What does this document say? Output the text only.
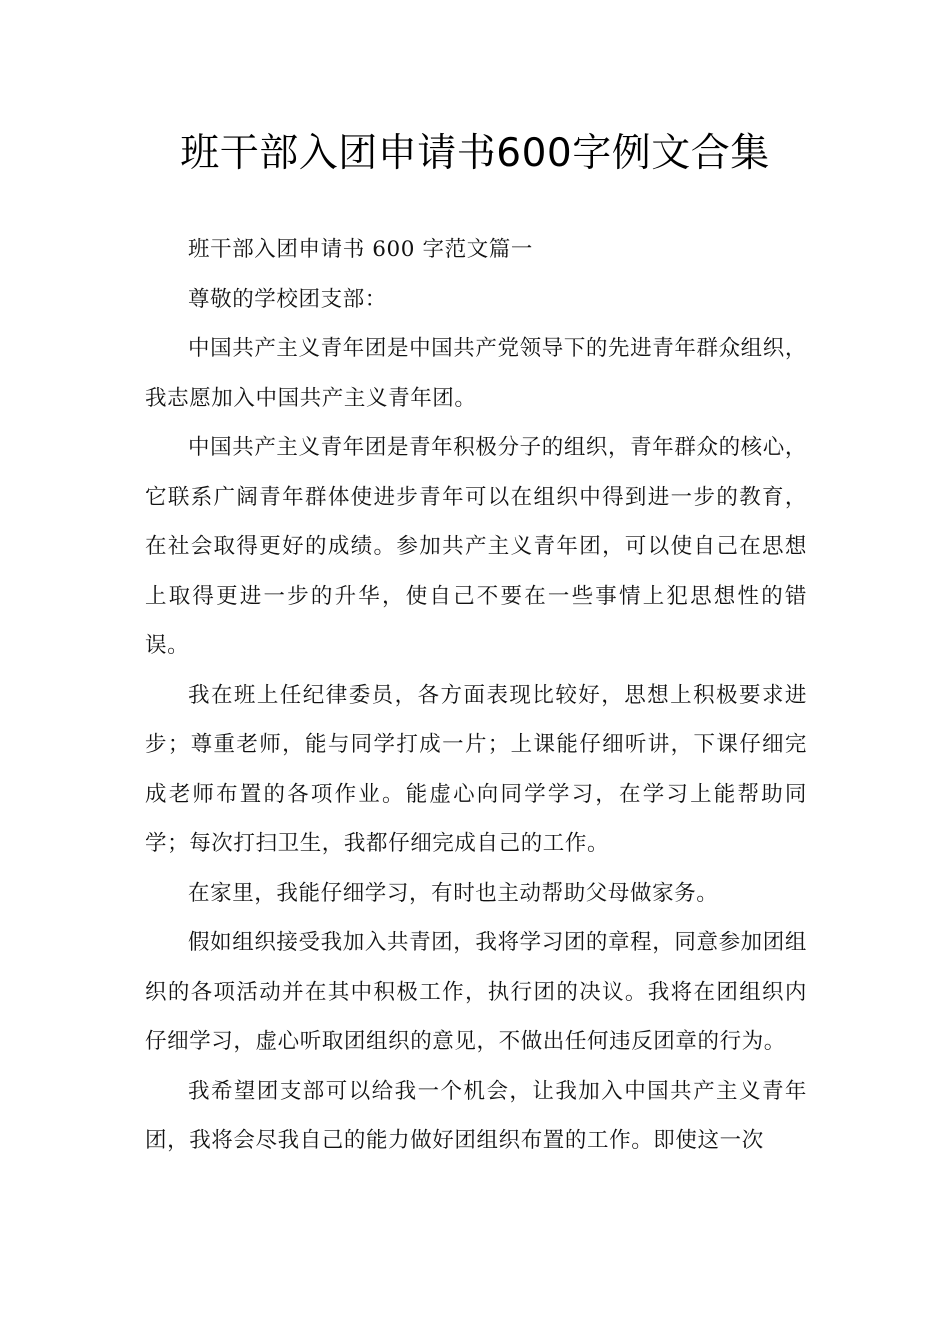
班干部入团申请书600字例文合集

班干部入团申请书 600 字范文篇一

尊敬的学校团支部：

中国共产主义青年团是中国共产党领导下的先进青年群众组织，我志愿加入中国共产主义青年团。

中国共产主义青年团是青年积极分子的组织，青年群众的核心，它联系广阔青年群体使进步青年可以在组织中得到进一步的教育，在社会取得更好的成绩。参加共产主义青年团，可以使自己在思想上取得更进一步的升华，使自己不要在一些事情上犯思想性的错误。

我在班上任纪律委员，各方面表现比较好，思想上积极要求进步；尊重老师，能与同学打成一片；上课能仔细听讲，下课仔细完成老师布置的各项作业。能虚心向同学学习，在学习上能帮助同学；每次打扫卫生，我都仔细完成自己的工作。

在家里，我能仔细学习，有时也主动帮助父母做家务。

假如组织接受我加入共青团，我将学习团的章程，同意参加团组织的各项活动并在其中积极工作，执行团的决议。我将在团组织内仔细学习，虚心听取团组织的意见，不做出任何违反团章的行为。

我希望团支部可以给我一个机会，让我加入中国共产主义青年团，我将会尽我自己的能力做好团组织布置的工作。即使这一次
